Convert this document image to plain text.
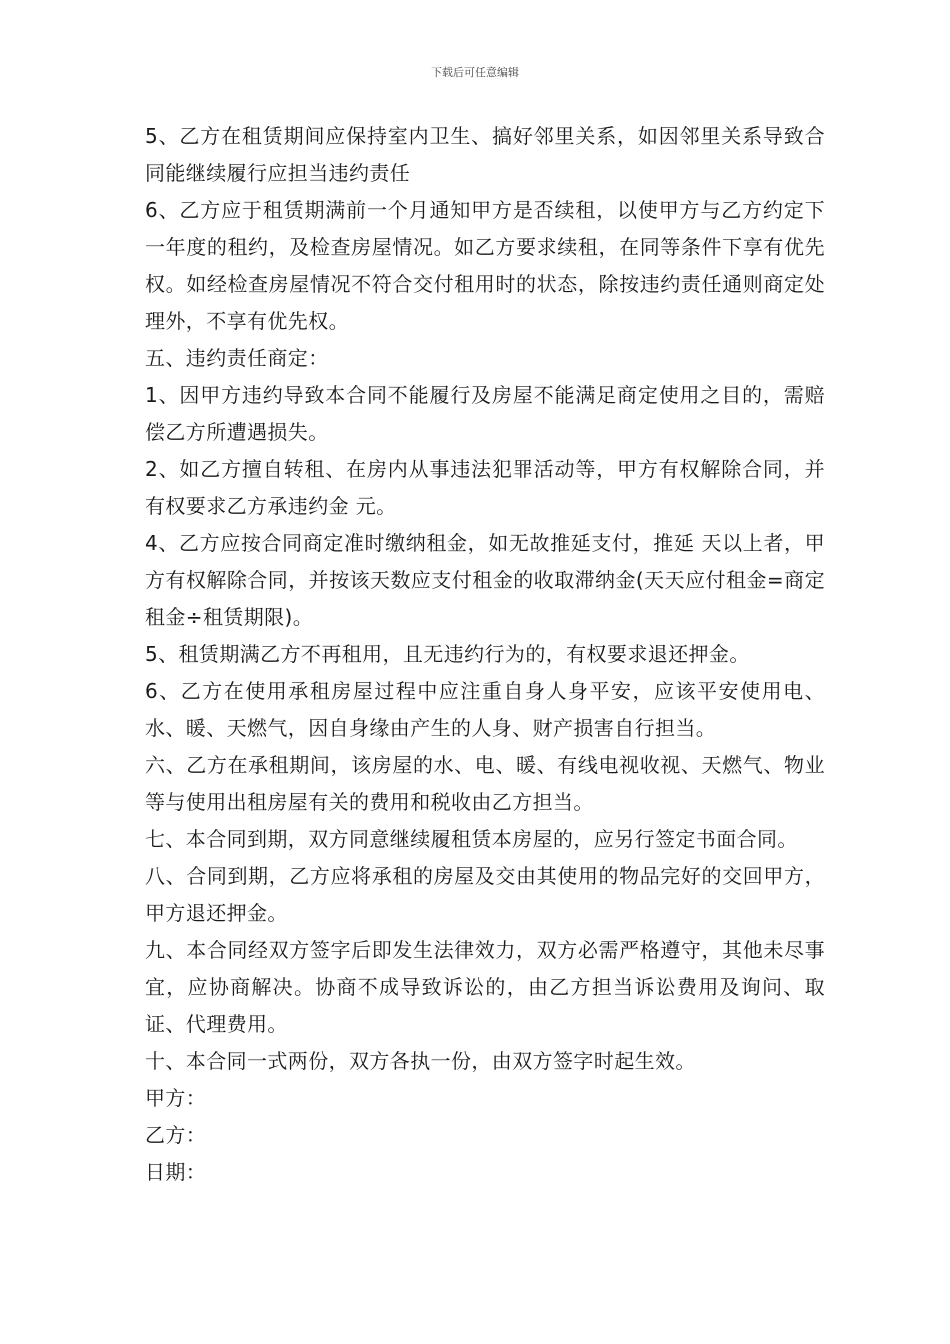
下载后可任意编辑

5、乙方在租赁期间应保持室内卫生、搞好邻里关系，如因邻里关系导致合同能继续履行应担当违约责任

6、乙方应于租赁期满前一个月通知甲方是否续租，以使甲方与乙方约定下一年度的租约，及检查房屋情况。如乙方要求续租，在同等条件下享有优先权。如经检查房屋情况不符合交付租用时的状态，除按违约责任通则商定处理外，不享有优先权。

五、违约责任商定：

1、因甲方违约导致本合同不能履行及房屋不能满足商定使用之目的，需赔偿乙方所遭遇损失。

2、如乙方擅自转租、在房内从事违法犯罪活动等，甲方有权解除合同，并有权要求乙方承违约金 元。

4、乙方应按合同商定准时缴纳租金，如无故推延支付，推延 天以上者，甲方有权解除合同，并按该天数应支付租金的收取滞纳金(天天应付租金=商定租金÷租赁期限)。

5、租赁期满乙方不再租用，且无违约行为的，有权要求退还押金。

6、乙方在使用承租房屋过程中应注重自身人身平安，应该平安使用电、水、暖、天燃气，因自身缘由产生的人身、财产损害自行担当。

六、乙方在承租期间，该房屋的水、电、暖、有线电视收视、天燃气、物业等与使用出租房屋有关的费用和税收由乙方担当。

七、本合同到期，双方同意继续履租赁本房屋的，应另行签定书面合同。

八、合同到期，乙方应将承租的房屋及交由其使用的物品完好的交回甲方，甲方退还押金。

九、本合同经双方签字后即发生法律效力，双方必需严格遵守，其他未尽事宜，应协商解决。协商不成导致诉讼的，由乙方担当诉讼费用及询问、取证、代理费用。

十、本合同一式两份，双方各执一份，由双方签字时起生效。

甲方：

乙方：

日期：
